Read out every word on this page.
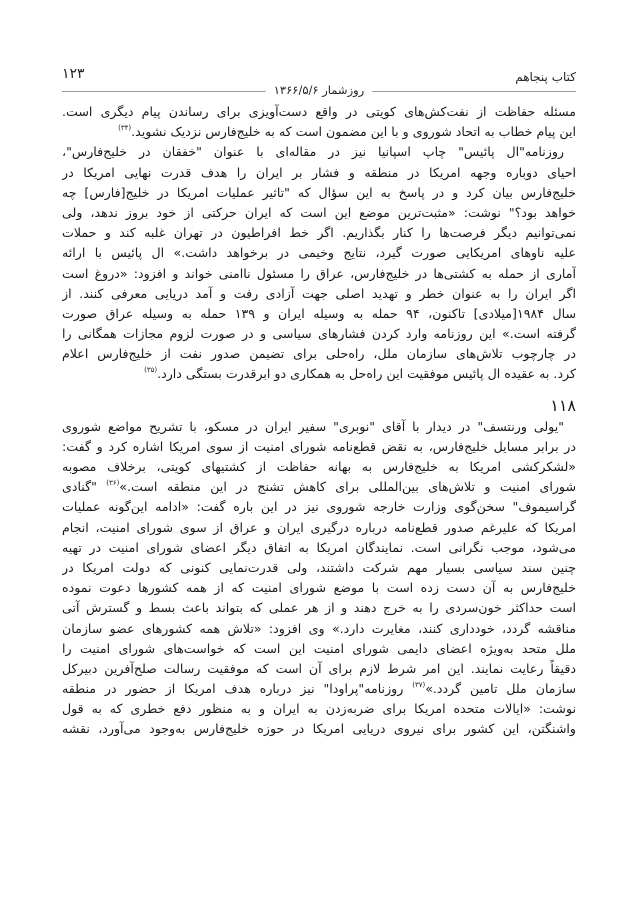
کتاب پنجاهم
روزشمار ۱۳۶۶/۵/۶
۱۲۳
مسئله حفاظت از نفت‌کش‌های کویتی در واقع دست‌آویزی برای رساندن پیام دیگری است.
این پیام خطاب به اتحاد شوروی و با این مضمون است که به خلیج‌فارس نزدیک نشوید.$^{(۳۴)}$
روزنامه"ال پائیس" چاپ اسپانیا نیز در مقاله‌ای با عنوان "خفقان در خلیج‌فارس"،
احیای دوباره وجهه امریکا در منطقه و فشار بر ایران را هدف قدرت نهایی امریکا در
خلیج‌فارس بیان کرد و در پاسخ به این سؤال که "تاثیر عملیات امریکا در خلیج[فارس] چه
خواهد بود؟" نوشت: «مثبت‌ترین موضع این است که ایران حرکتی از خود بروز ندهد، ولی
نمی‌توانیم دیگر فرصت‌ها را کنار بگذاریم. اگر خط افراطیون در تهران غلبه کند و حملات
علیه ناوهای امریکایی صورت گیرد، نتایج وخیمی در برخواهد داشت.» ال پائیس با ارائه
آماری از حمله به کشتی‌ها در خلیج‌فارس، عراق را مسئول ناامنی خواند و افزود: «دروغ است
اگر ایران را به عنوان خطر و تهدید اصلی جهت آزادی رفت و آمد دریایی معرفی کنند. از
سال ۱۹۸۴[میلادی] تاکنون، ۹۴ حمله به وسیله ایران و ۱۳۹ حمله به وسیله عراق صورت
گرفته است.» این روزنامه وارد کردن فشارهای سیاسی و در صورت لزوم مجازات همگانی را
در چارچوب تلاش‌های سازمان ملل، راه‌حلی برای تضیمن صدور نفت از خلیج‌فارس اعلام
کرد. به عقیده ال پائیس موفقیت این راه‌حل به همکاری دو ابرقدرت بستگی دارد.$^{(۳۵)}$
۱۱۸
"یولی ورنتسف" در دیدار با آقای "نوبری" سفیر ایران در مسکو، با تشریح مواضع شوروی
در برابر مسایل خلیج‌فارس، به نقض قطع‌نامه شورای امنیت از سوی امریکا اشاره کرد و گفت:
«لشکرکشی امریکا به خلیج‌فارس به بهانه حفاظت از کشتیهای کویتی، برخلاف مصوبه
شورای امنیت و تلاش‌های بین‌المللی برای کاهش تشنج در این منطقه است.»$^{(۳۶)}$ "گنادی
گراسیموف" سخن‌گوی وزارت خارجه شوروی نیز در این باره گفت: «ادامه این‌گونه عملیات
امریکا که علیرغم صدور قطع‌نامه درباره درگیری ایران و عراق از سوی شورای امنیت، انجام
می‌شود، موجب نگرانی است. نمایندگان امریکا به اتفاق دیگر اعضای شورای امنیت در تهیه
چنین سند سیاسی بسیار مهم شرکت داشتند، ولی قدرت‌نمایی کنونی که دولت امریکا در
خلیج‌فارس به آن دست زده است با موضع شورای امنیت که از همه کشورها دعوت نموده
است حداکثر خون‌سردی را به خرج دهند و از هر عملی که بتواند باعث بسط و گسترش آتی
مناقشه گردد، خودداری کنند، مغایرت دارد.» وی افزود: «تلاش همه کشورهای عضو سازمان
ملل متحد به‌ویژه اعضای دایمی شورای امنیت این است که خواست‌های شورای امنیت را
دقیقاً رعایت نمایند. این امر شرط لازم برای آن است که موفقیت رسالت صلح‌آفرین دبیرکل
سازمان ملل تامین گردد.»$^{(۳۷)}$ روزنامه"پراودا" نیز درباره هدف امریکا از حضور در منطقه
نوشت: «ایالات متحده امریکا برای ضربه‌زدن به ایران و به منظور دفع خطری که به قول
واشنگتن، این کشور برای نیروی دریایی امریکا در حوزه خلیج‌فارس به‌وجود می‌آورد، نقشه
